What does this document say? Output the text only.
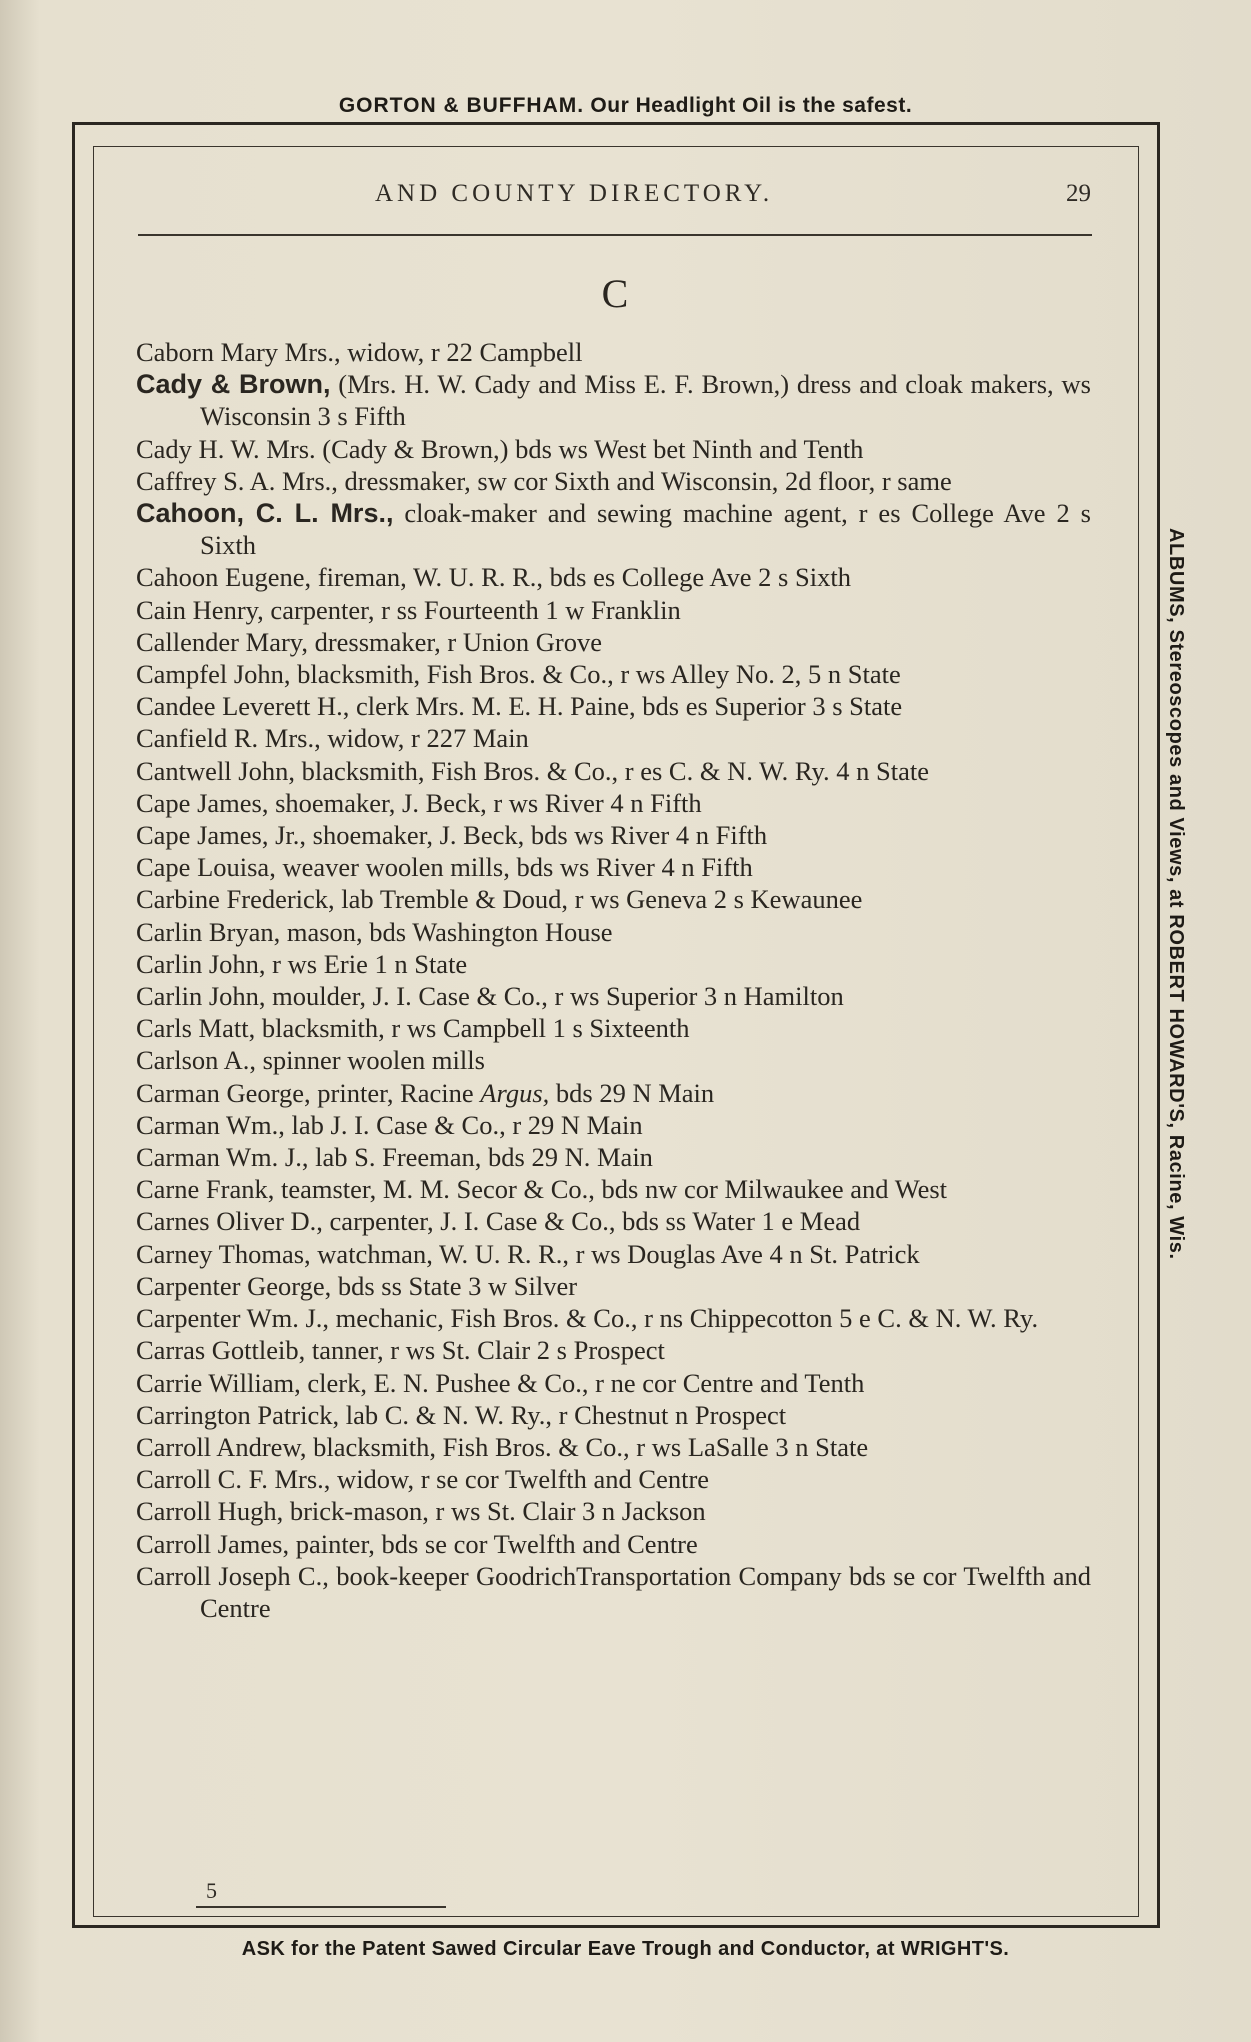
GORTON & BUFFHAM. Our Headlight Oil is the safest.
AND COUNTY DIRECTORY.	29
C
Caborn Mary Mrs., widow, r 22 Campbell
Cady & Brown, (Mrs. H. W. Cady and Miss E. F. Brown,) dress and cloak makers, ws Wisconsin 3 s Fifth
Cady H. W. Mrs. (Cady & Brown,) bds ws West bet Ninth and Tenth
Caffrey S. A. Mrs., dressmaker, sw cor Sixth and Wisconsin, 2d floor, r same
Cahoon, C. L. Mrs., cloak-maker and sewing machine agent, r es College Ave 2 s Sixth
Cahoon Eugene, fireman, W. U. R. R., bds es College Ave 2 s Sixth
Cain Henry, carpenter, r ss Fourteenth 1 w Franklin
Callender Mary, dressmaker, r Union Grove
Campfel John, blacksmith, Fish Bros. & Co., r ws Alley No. 2, 5 n State
Candee Leverett H., clerk Mrs. M. E. H. Paine, bds es Superior 3 s State
Canfield R. Mrs., widow, r 227 Main
Cantwell John, blacksmith, Fish Bros. & Co., r es C. & N. W. Ry. 4 n State
Cape James, shoemaker, J. Beck, r ws River 4 n Fifth
Cape James, Jr., shoemaker, J. Beck, bds ws River 4 n Fifth
Cape Louisa, weaver woolen mills, bds ws River 4 n Fifth
Carbine Frederick, lab Tremble & Doud, r ws Geneva 2 s Kewaunee
Carlin Bryan, mason, bds Washington House
Carlin John, r ws Erie 1 n State
Carlin John, moulder, J. I. Case & Co., r ws Superior 3 n Hamilton
Carls Matt, blacksmith, r ws Campbell 1 s Sixteenth
Carlson A., spinner woolen mills
Carman George, printer, Racine Argus, bds 29 N Main
Carman Wm., lab J. I. Case & Co., r 29 N Main
Carman Wm. J., lab S. Freeman, bds 29 N. Main
Carne Frank, teamster, M. M. Secor & Co., bds nw cor Milwaukee and West
Carnes Oliver D., carpenter, J. I. Case & Co., bds ss Water 1 e Mead
Carney Thomas, watchman, W. U. R. R., r ws Douglas Ave 4 n St. Patrick
Carpenter George, bds ss State 3 w Silver
Carpenter Wm. J., mechanic, Fish Bros. & Co., r ns Chippecotton 5 e C. & N. W. Ry.
Carras Gottleib, tanner, r ws St. Clair 2 s Prospect
Carrie William, clerk, E. N. Pushee & Co., r ne cor Centre and Tenth
Carrington Patrick, lab C. & N. W. Ry., r Chestnut n Prospect
Carroll Andrew, blacksmith, Fish Bros. & Co., r ws LaSalle 3 n State
Carroll C. F. Mrs., widow, r se cor Twelfth and Centre
Carroll Hugh, brick-mason, r ws St. Clair 3 n Jackson
Carroll James, painter, bds se cor Twelfth and Centre
Carroll Joseph C., book-keeper GoodrichTransportation Company bds se cor Twelfth and Centre
5
ALBUMS, Stereoscopes and Views, at ROBERT HOWARD'S, Racine, Wis.
ASK for the Patent Sawed Circular Eave Trough and Conductor, at WRIGHT'S.
